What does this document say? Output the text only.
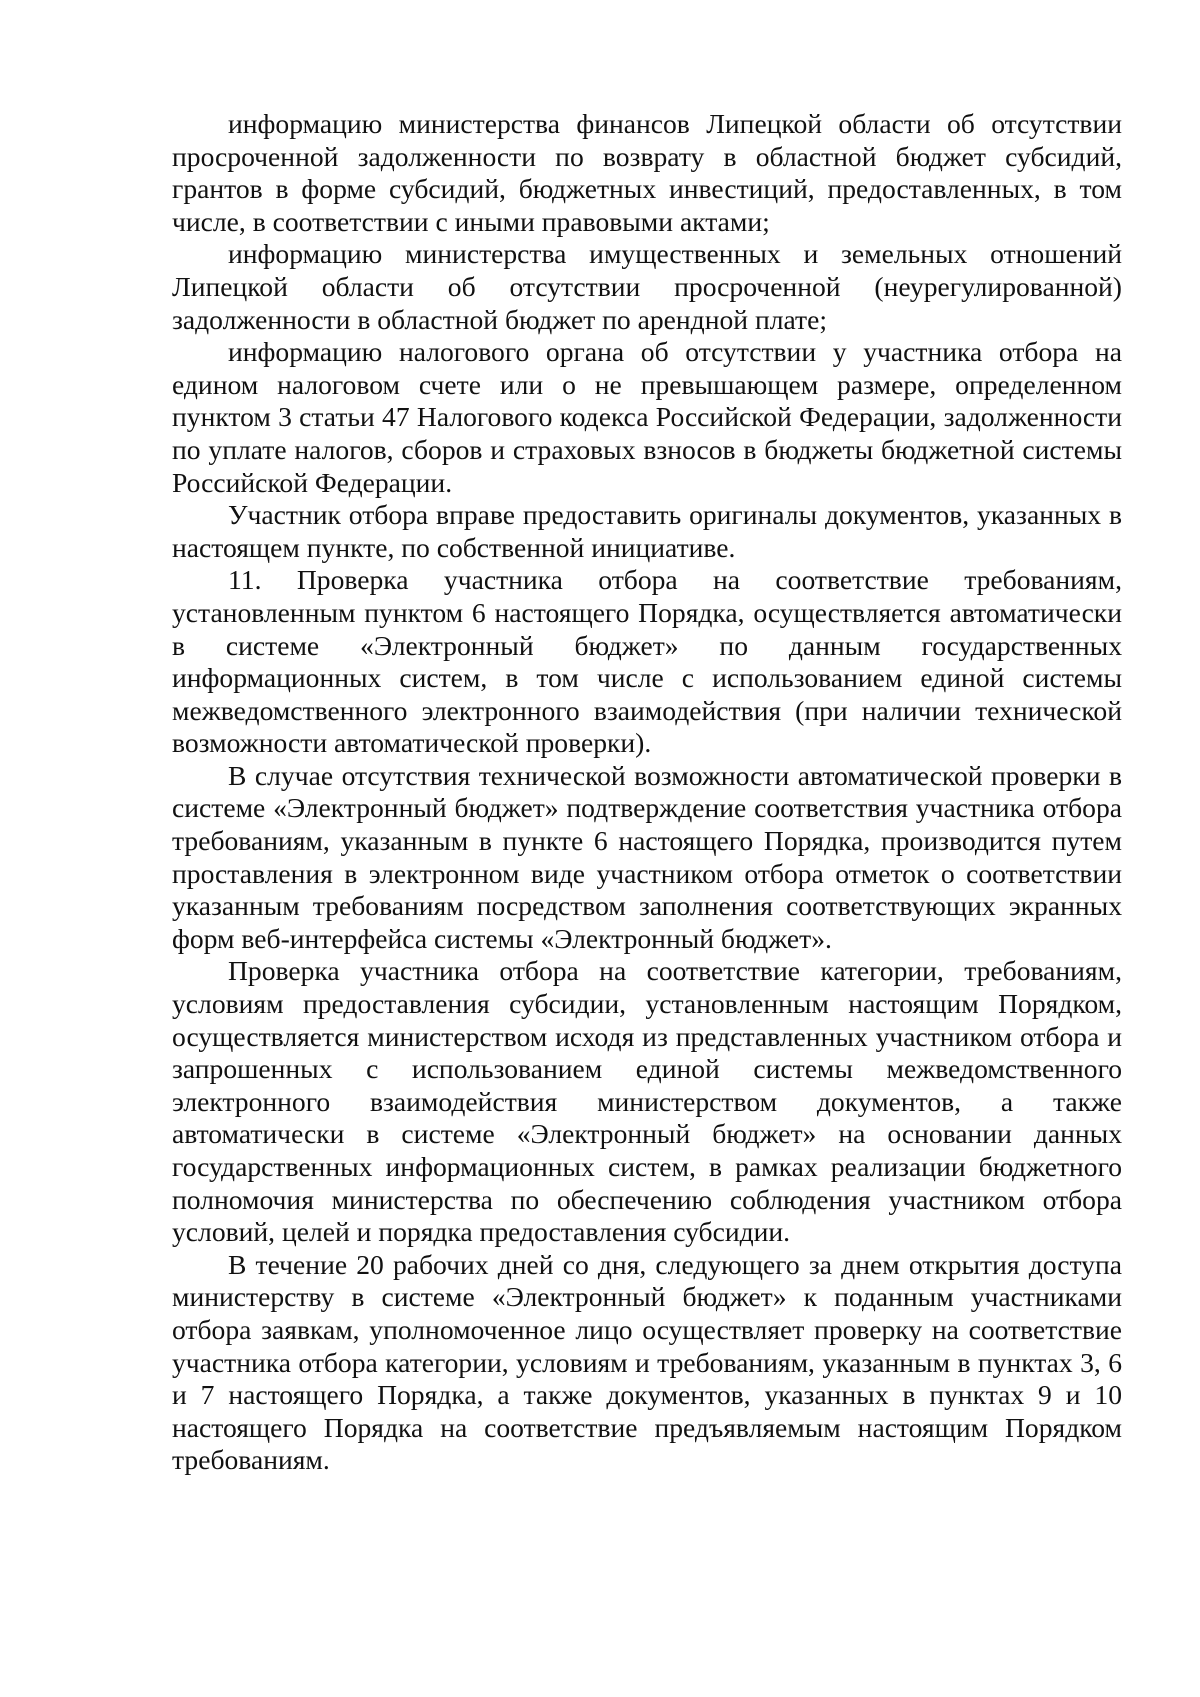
информацию министерства финансов Липецкой области об отсутствии просроченной задолженности по возврату в областной бюджет субсидий, грантов в форме субсидий, бюджетных инвестиций, предоставленных, в том числе, в соответствии с иными правовыми актами;

информацию министерства имущественных и земельных отношений Липецкой области об отсутствии просроченной (неурегулированной) задолженности в областной бюджет по арендной плате;

информацию налогового органа об отсутствии у участника отбора на едином налоговом счете или о не превышающем размере, определенном пунктом 3 статьи 47 Налогового кодекса Российской Федерации, задолженности по уплате налогов, сборов и страховых взносов в бюджеты бюджетной системы Российской Федерации.

Участник отбора вправе предоставить оригиналы документов, указанных в настоящем пункте, по собственной инициативе.

11. Проверка участника отбора на соответствие требованиям, установленным пунктом 6 настоящего Порядка, осуществляется автоматически в системе «Электронный бюджет» по данным государственных информационных систем, в том числе с использованием единой системы межведомственного электронного взаимодействия (при наличии технической возможности автоматической проверки).

В случае отсутствия технической возможности автоматической проверки в системе «Электронный бюджет» подтверждение соответствия участника отбора требованиям, указанным в пункте 6 настоящего Порядка, производится путем проставления в электронном виде участником отбора отметок о соответствии указанным требованиям посредством заполнения соответствующих экранных форм веб-интерфейса системы «Электронный бюджет».

Проверка участника отбора на соответствие категории, требованиям, условиям предоставления субсидии, установленным настоящим Порядком, осуществляется министерством исходя из представленных участником отбора и запрошенных с использованием единой системы межведомственного электронного взаимодействия министерством документов, а также автоматически в системе «Электронный бюджет» на основании данных государственных информационных систем, в рамках реализации бюджетного полномочия министерства по обеспечению соблюдения участником отбора условий, целей и порядка предоставления субсидии.

В течение 20 рабочих дней со дня, следующего за днем открытия доступа министерству в системе «Электронный бюджет» к поданным участниками отбора заявкам, уполномоченное лицо осуществляет проверку на соответствие участника отбора категории, условиям и требованиям, указанным в пунктах 3, 6 и 7 настоящего Порядка, а также документов, указанных в пунктах 9 и 10 настоящего Порядка на соответствие предъявляемым настоящим Порядком требованиям.
